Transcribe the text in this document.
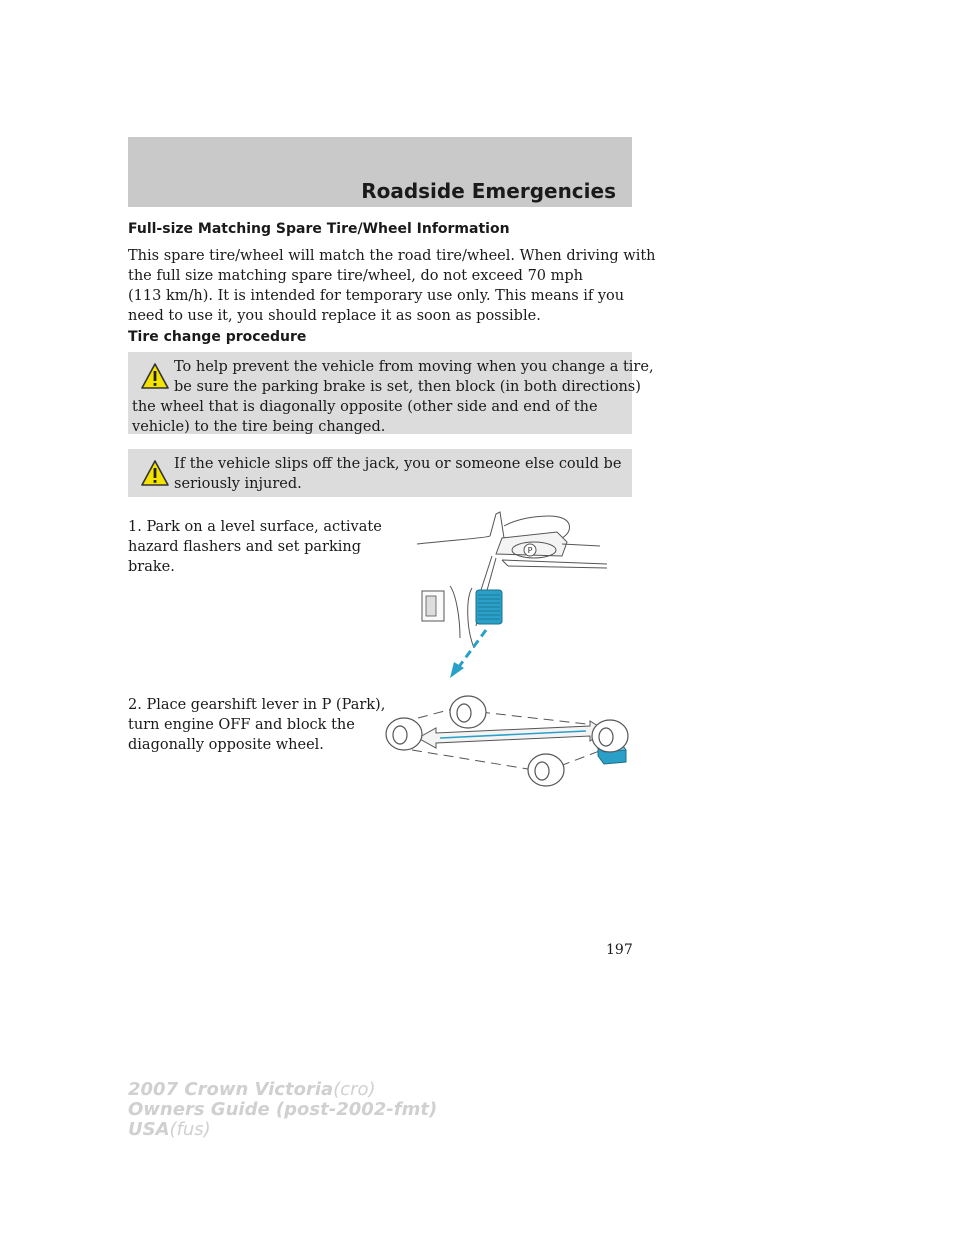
Roadside Emergencies
Full-size Matching Spare Tire/Wheel Information
This spare tire/wheel will match the road tire/wheel. When driving with
the full size matching spare tire/wheel, do not exceed 70 mph
(113 km/h). It is intended for temporary use only. This means if you
need to use it, you should replace it as soon as possible.
Tire change procedure
To help prevent the vehicle from moving when you change a tire,
be sure the parking brake is set, then block (in both directions)
the wheel that is diagonally opposite (other side and end of the
vehicle) to the tire being changed.
If the vehicle slips off the jack, you or someone else could be
seriously injured.
1. Park on a level surface, activate
hazard flashers and set parking
brake.
P
2. Place gearshift lever in P (Park),
turn engine OFF and block the
diagonally opposite wheel.
197
2007 Crown Victoria(cro)
Owners Guide (post-2002-fmt)
USA(fus)
